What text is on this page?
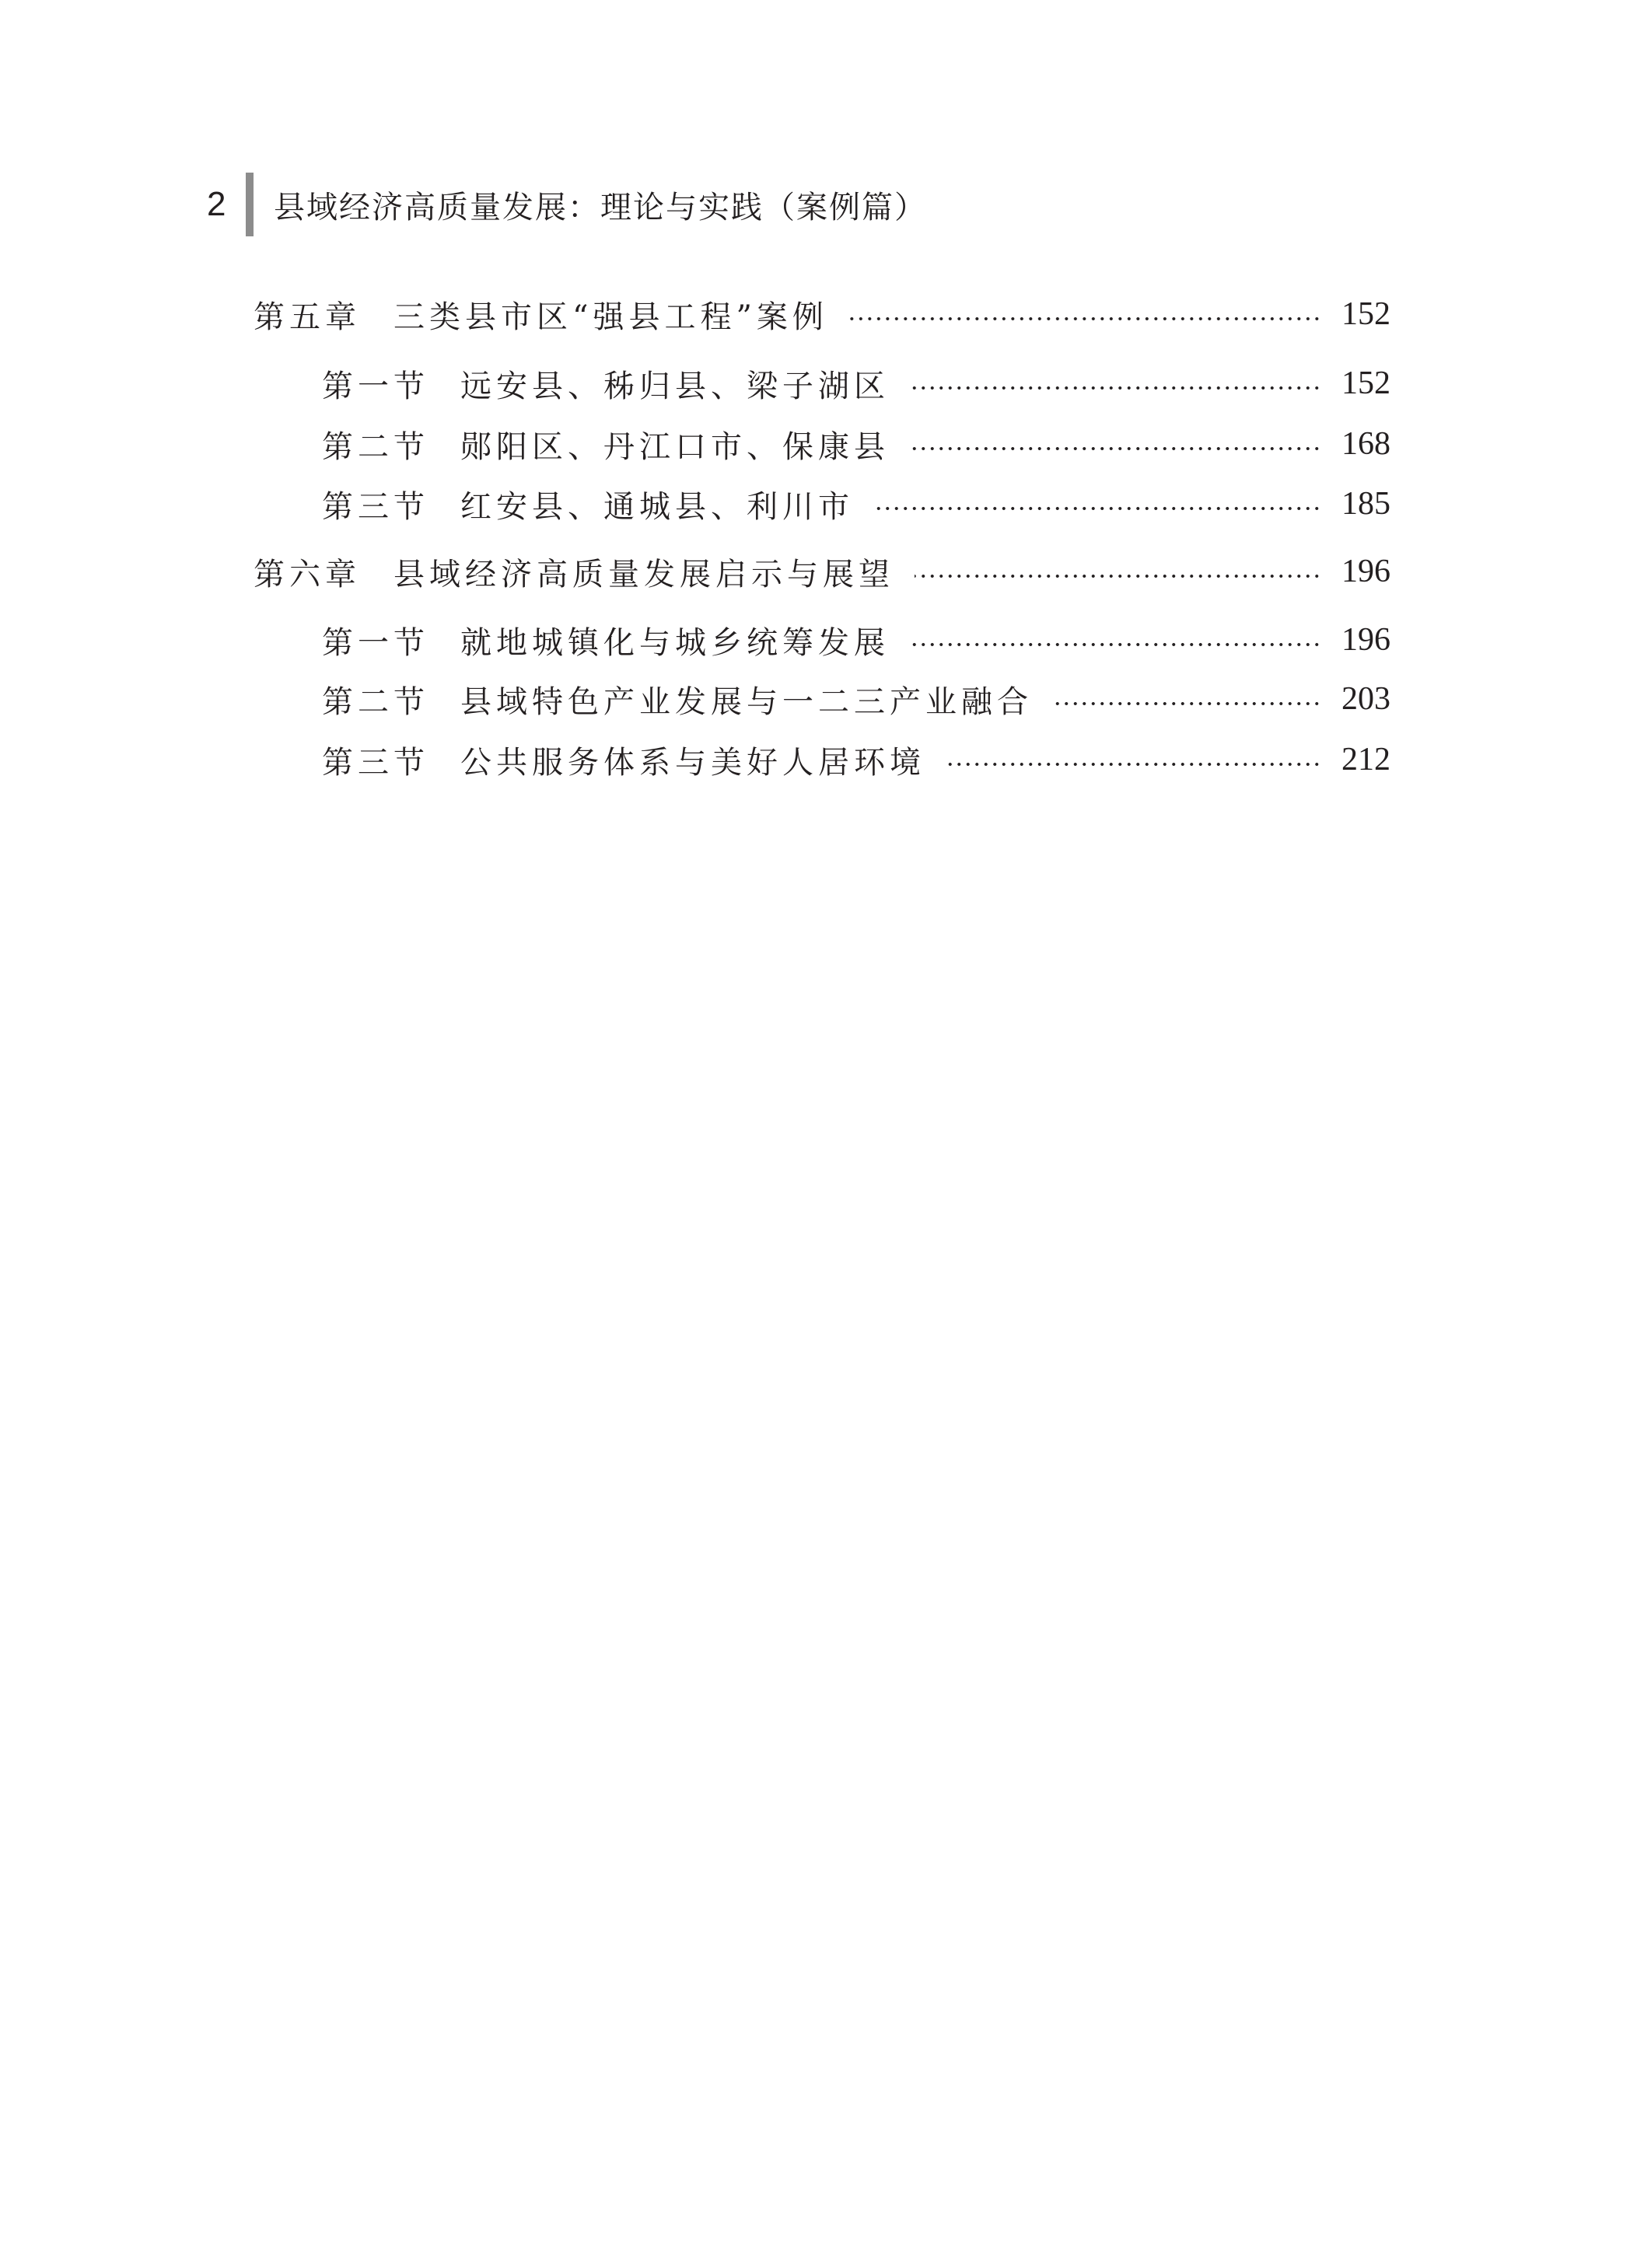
2	县域经济高质量发展：理论与实践（案例篇）
第五章 三类县市区“强县工程”案例	152
第一节 远安县、秭归县、梁子湖区	152
第二节 郧阳区、丹江口市、保康县	168
第三节 红安县、通城县、利川市	185
第六章 县域经济高质量发展启示与展望	196
第一节 就地城镇化与城乡统筹发展	196
第二节 县域特色产业发展与一二三产业融合	203
第三节 公共服务体系与美好人居环境	212
